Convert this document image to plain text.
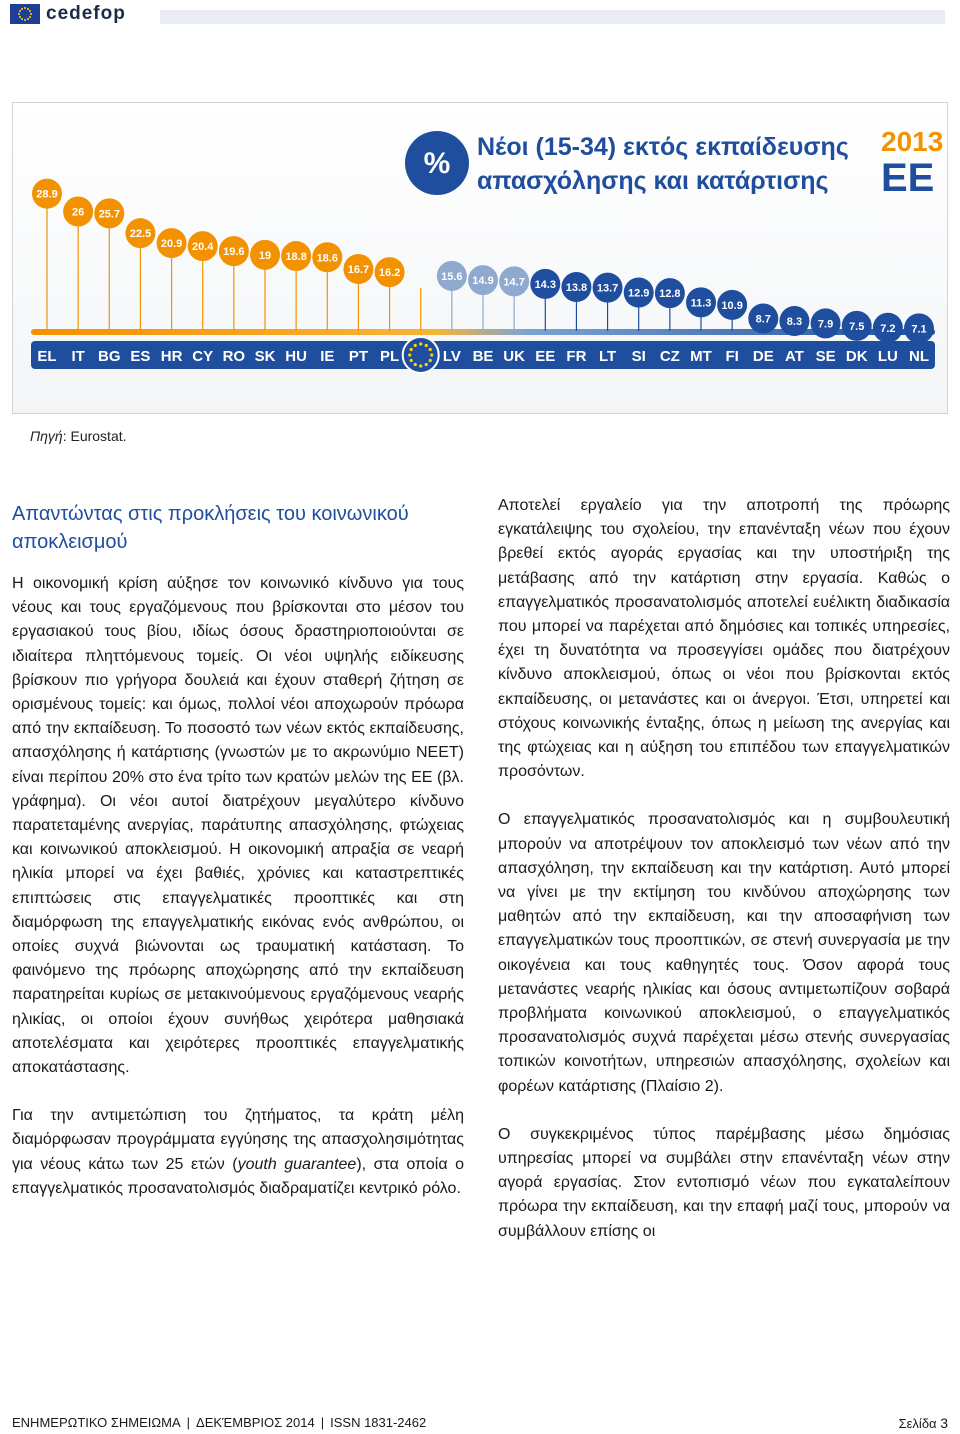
cedefop
% Νέοι (15-34) εκτός εκπαίδευσης
απασχόλησης και κατάρτισης
2013
ΕΕ
28.9
EL
26
IT
25.7
BG
22.5
ES
20.9
HR
20.4
CY
19.6
RO
19
SK
18.8
HU
18.6
IE
16.7
PT
16.2
PL
15.6
LV
14.9
BE
14.7
UK
14.3
EE
13.8
FR
13.7
LT
12.9
SI
12.8
CZ
11.3
MT
10.9
FI
8.7
DE
8.3
AT
7.9
SE
7.5
DK
7.2
LU
7.1
NL
Πηγή: Eurostat.
Απαντώντας στις προκλήσεις του κοινωνικού αποκλεισμού

Η οικονομική κρίση αύξησε τον κοινωνικό κίνδυνο για τους νέους και τους εργαζόμενους που βρίσκονται στο μέσον του εργασιακού τους βίου, ιδίως όσους δραστηριοποιούνται σε ιδιαίτερα πληττόμενους τομείς. Οι νέοι υψηλής ειδίκευσης βρίσκουν πιο γρήγορα δουλειά και έχουν σταθερή ζήτηση σε ορισμένους τομείς: και όμως, πολλοί νέοι αποχωρούν πρόωρα από την εκπαίδευση. Το ποσοστό των νέων εκτός εκπαίδευσης, απασχόλησης ή κατάρτισης (γνωστών με το ακρωνύμιο ΝΕΕΤ) είναι περίπου 20% στο ένα τρίτο των κρατών μελών της ΕΕ (βλ. γράφημα). Οι νέοι αυτοί διατρέχουν μεγαλύτερο κίνδυνο παρατεταμένης ανεργίας, παράτυπης απασχόλησης, φτώχειας και κοινωνικού αποκλεισμού. Η οικονομική απραξία σε νεαρή ηλικία μπορεί να έχει βαθιές, χρόνιες και καταστρεπτικές επιπτώσεις στις επαγγελματικές προοπτικές και στη διαμόρφωση της επαγγελματικής εικόνας ενός ανθρώπου, οι οποίες συχνά βιώνονται ως τραυματική κατάσταση. Το φαινόμενο της πρόωρης αποχώρησης από την εκπαίδευση παρατηρείται κυρίως σε μετακινούμενους εργαζόμενους νεαρής ηλικίας, οι οποίοι έχουν συνήθως χειρότερα μαθησιακά αποτελέσματα και χειρότερες προοπτικές επαγγελματικής αποκατάστασης.

Για την αντιμετώπιση του ζητήματος, τα κράτη μέλη διαμόρφωσαν προγράμματα εγγύησης της απασχολησιμότητας για νέους κάτω των 25 ετών (youth guarantee), στα οποία ο επαγγελματικός προσανατολισμός διαδραματίζει κεντρικό ρόλο.

Αποτελεί εργαλείο για την αποτροπή της πρόωρης εγκατάλειψης του σχολείου, την επανένταξη νέων που έχουν βρεθεί εκτός αγοράς εργασίας και την υποστήριξη της μετάβασης από την κατάρτιση στην εργασία. Καθώς ο επαγγελματικός προσανατολισμός αποτελεί ευέλικτη διαδικασία που μπορεί να παρέχεται από δημόσιες και τοπικές υπηρεσίες, έχει τη δυνατότητα να προσεγγίσει ομάδες που διατρέχουν κίνδυνο αποκλεισμού, όπως οι νέοι που βρίσκονται εκτός εκπαίδευσης, οι μετανάστες και οι άνεργοι. Έτσι, υπηρετεί και στόχους κοινωνικής ένταξης, όπως η μείωση της ανεργίας και της φτώχειας και η αύξηση του επιπέδου των επαγγελματικών προσόντων.

Ο επαγγελματικός προσανατολισμός και η συμβουλευτική μπορούν να αποτρέψουν τον αποκλεισμό των νέων από την απασχόληση, την εκπαίδευση και την κατάρτιση. Αυτό μπορεί να γίνει με την εκτίμηση του κινδύνου αποχώρησης των μαθητών από την εκπαίδευση, και την αποσαφήνιση των επαγγελματικών τους προοπτικών, σε στενή συνεργασία με την οικογένεια και τους καθηγητές τους. Όσον αφορά τους μετανάστες νεαρής ηλικίας και όσους αντιμετωπίζουν σοβαρά προβλήματα κοινωνικού αποκλεισμού, ο επαγγελματικός προσανατολισμός συχνά παρέχεται μέσω στενής συνεργασίας τοπικών κοινοτήτων, υπηρεσιών απασχόλησης, σχολείων και φορέων κατάρτισης (Πλαίσιο 2).

Ο συγκεκριμένος τύπος παρέμβασης μέσω δημόσιας υπηρεσίας μπορεί να συμβάλει στην επανένταξη νέων στην αγορά εργασίας. Στον εντοπισμό νέων που εγκαταλείπουν πρόωρα την εκπαίδευση, και την επαφή μαζί τους, μπορούν να συμβάλλουν επίσης οι

ΕΝΗΜΕΡΩΤΙΚΟ ΣΗΜΕΙΩΜΑ | ΔΕΚΈΜΒΡΙΟΣ 2014 | ISSN 1831-2462	Σελίδα 3
